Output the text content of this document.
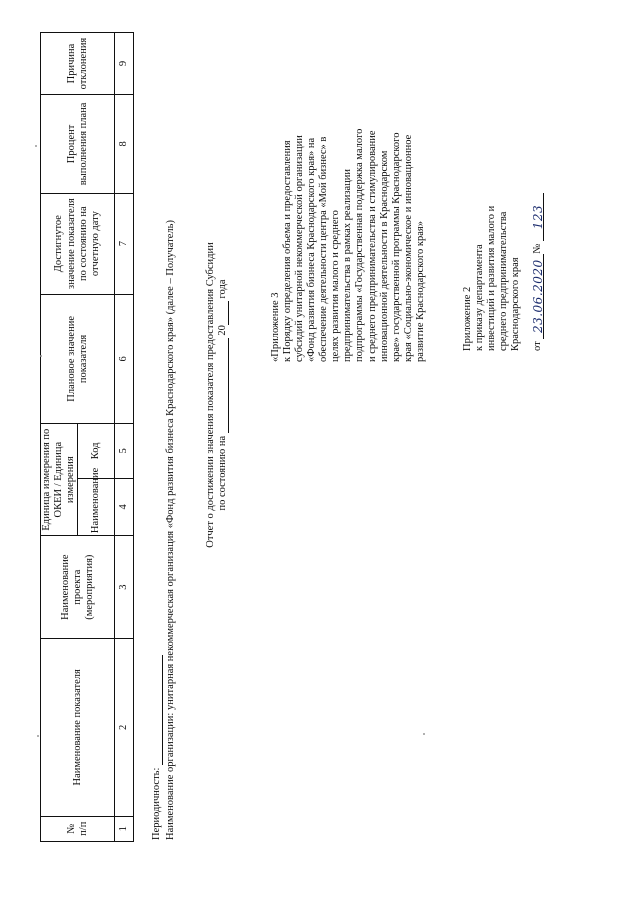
Приложение 2 к приказу департамента инвестиций и развития малого и среднего предпринимательства Краснодарского края от 23.06.2020№ 123
«Приложение 3 к Порядку определения объема и предоставления субсидий унитарной некоммерческой организации «Фонд развития бизнеса Краснодарского края» на обеспечение деятельности центра «Мой бизнес» в целях развития малого и среднего предпринимательства в рамках реализации подпрограммы «Государственная поддержка малого и среднего предпринимательства и стимулирование инновационной деятельности в Краснодарском крае» государственной программы Краснодарского края «Социально-экономическое и инновационное развитие Краснодарского края»
Отчет о достижении значения показателя предоставления Субсидии по состоянию на  20 года
Наименование организации: унитарная некоммерческая организация «Фонд развития бизнеса Краснодарского края» (далее – Получатель)
Периодичность:
№ п/п	Наименование показателя	Наименование проекта (мероприятия)	Единица измерения по ОКЕИ / Единица измерения		Плановое значение показателя	Достигнутое значение показателя по состоянию на отчетную дату	Процент выполнения плана	Причина отклонения
			Наименование	Код				
1	2	3	4	5	6	7	8	9
